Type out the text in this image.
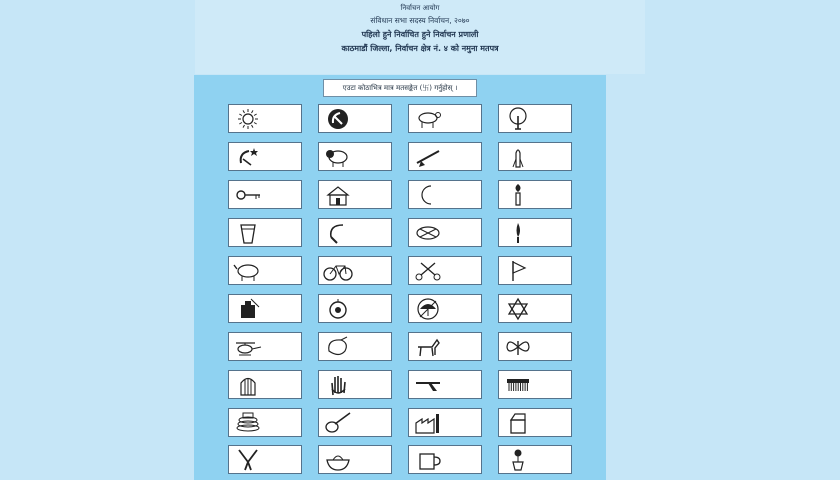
निर्वाचन आयोग
संविधान सभा सदस्य निर्वाचन, २०७०
पहिलो हुने निर्वाचित हुने निर्वाचन प्रणाली
काठमाडौं जिल्ला, निर्वाचन क्षेत्र नं. ४ को नमुना मतपत्र
एउटा कोठाभित्र मात्र मतसङ्केत (卐) गर्नुहोस् ।
